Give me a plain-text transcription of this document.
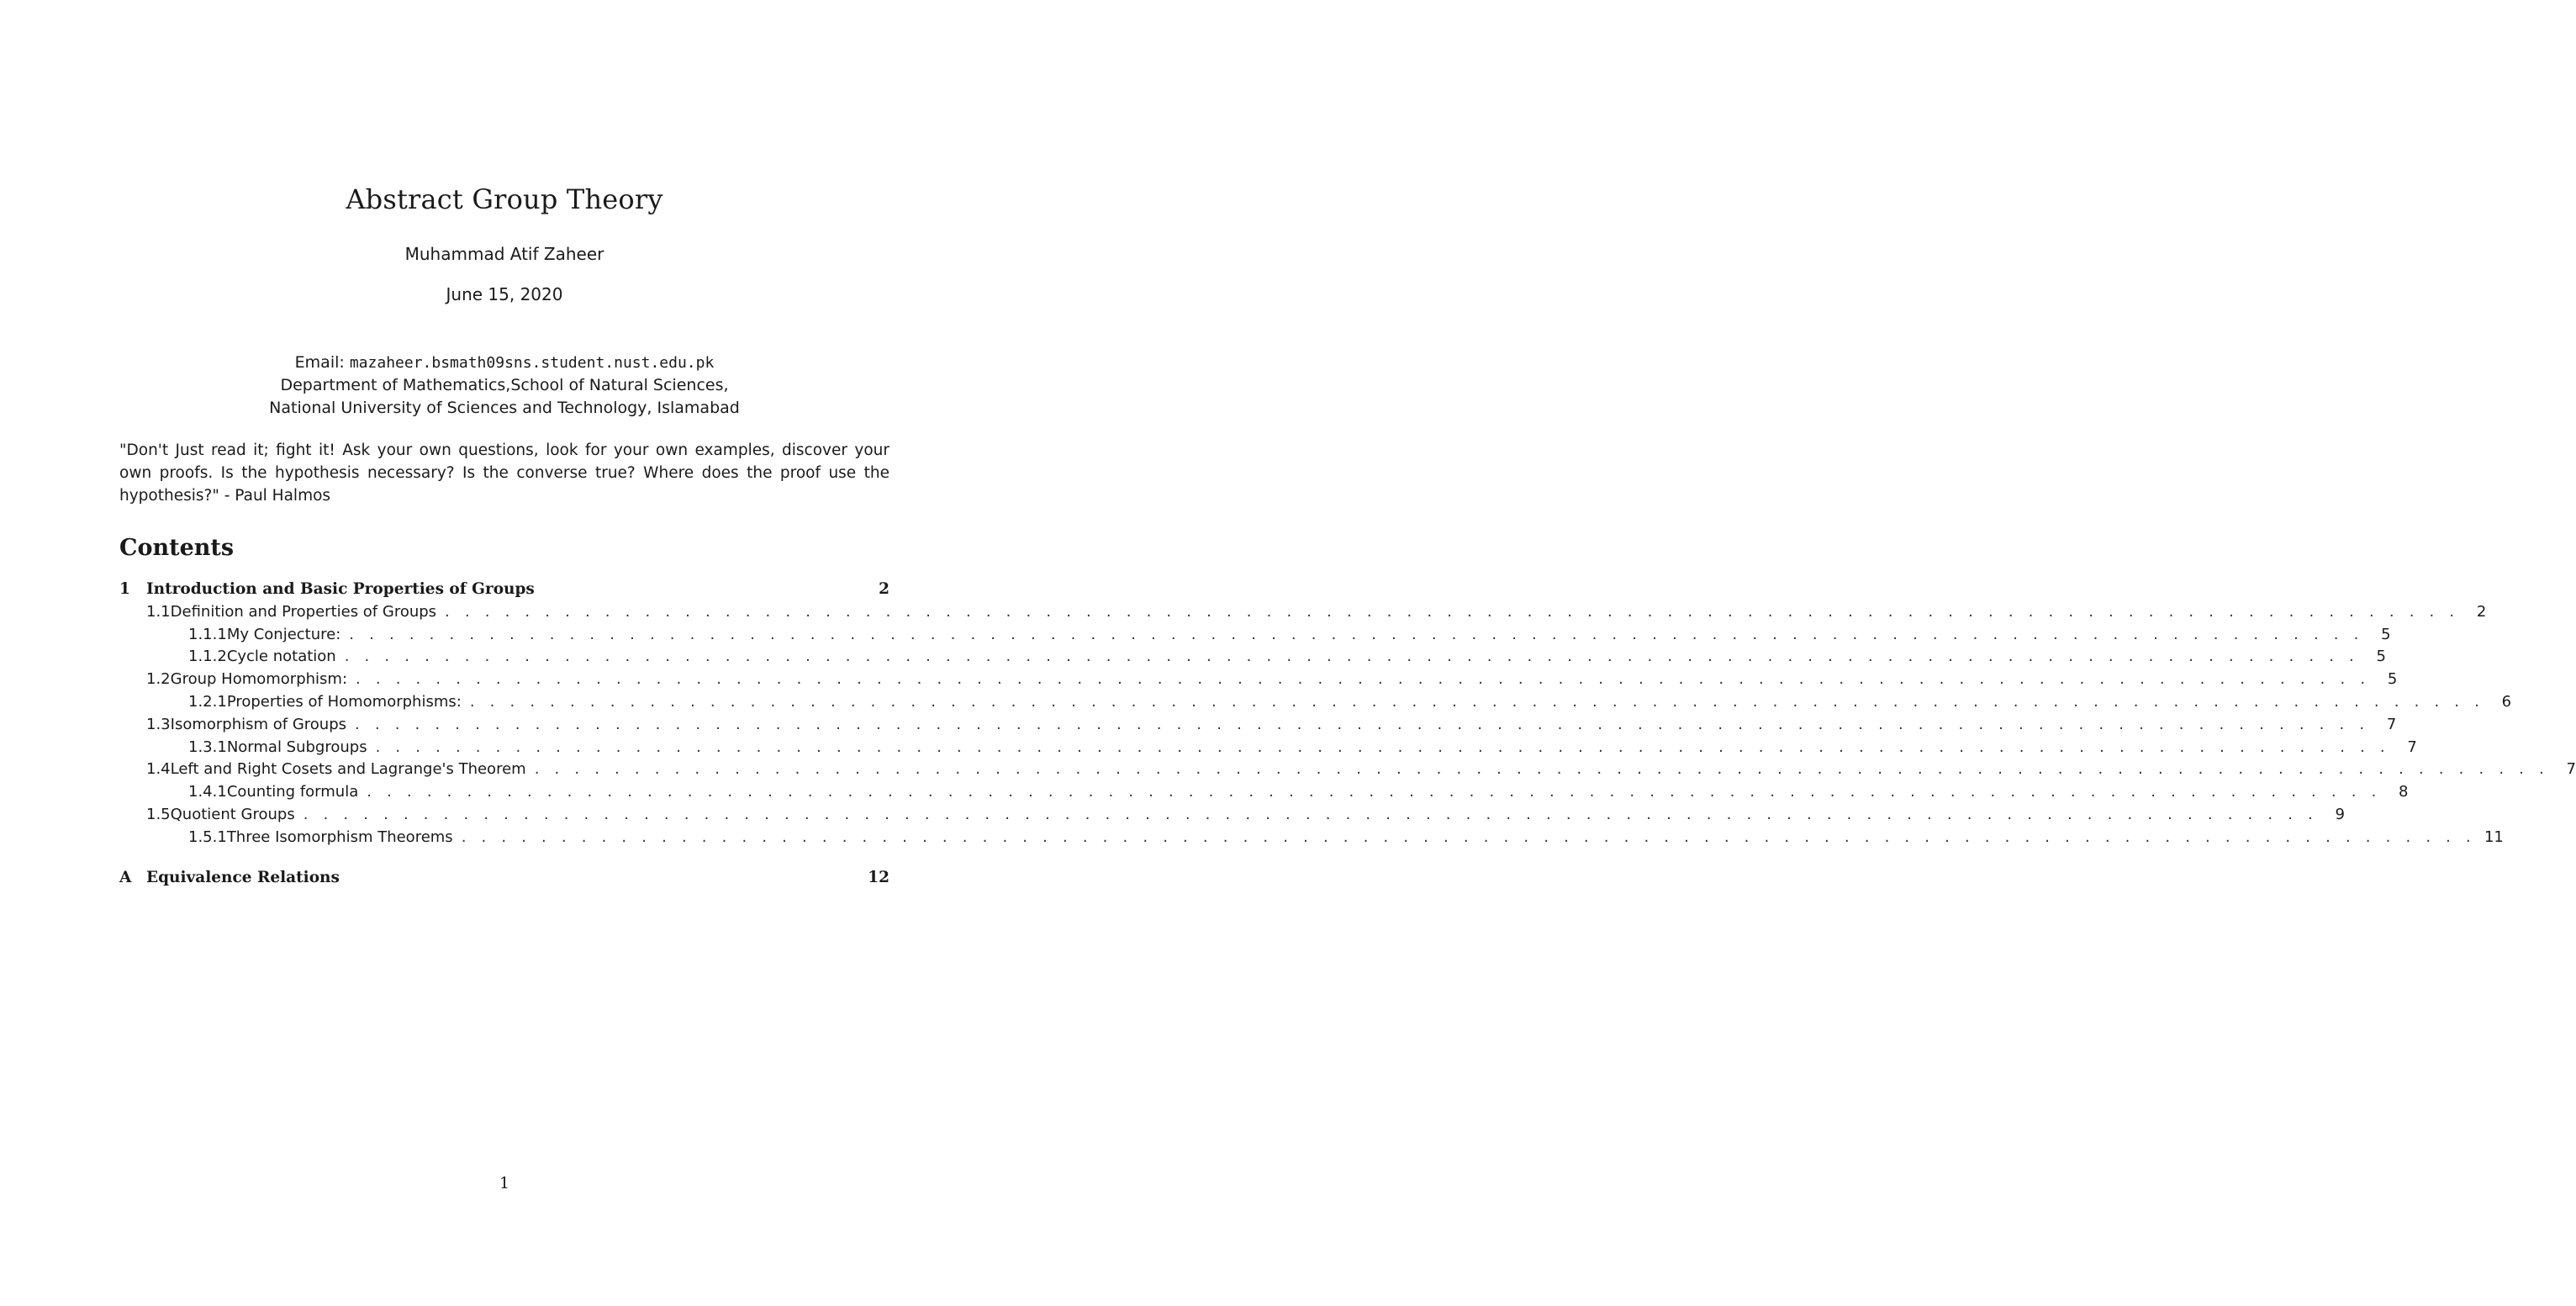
Abstract Group Theory
Muhammad Atif Zaheer
June 15, 2020
Email: mazaheer.bsmath09sns.student.nust.edu.pk
Department of Mathematics,School of Natural Sciences,
National University of Sciences and Technology, Islamabad
"Don't Just read it; fight it! Ask your own questions, look for your own examples, discover your own proofs. Is the hypothesis necessary? Is the converse true? Where does the proof use the hypothesis?" - Paul Halmos
Contents
1	Introduction and Basic Properties of Groups	2
1.1 Definition and Properties of Groups . . . . . . . . . . . . . . . . . . . . . . . . . . . . . . . . . . . . . . . . . . . . . . . . . . . . . . . . . . . . . . . . . . . . . . . . . . . . . . . . . . . . . . . . . . . . . . . . . . . . .	2
1.1.1 My Conjecture: . . . . . . . . . . . . . . . . . . . . . . . . . . . . . . . . . . . . . . . . . . . . . . . . . . . . . . . . . . . . . . . . . . . . . . . . . . . . . . . . . . . . . . . . . . . . . . . . . . . . .	5
1.1.2 Cycle notation . . . . . . . . . . . . . . . . . . . . . . . . . . . . . . . . . . . . . . . . . . . . . . . . . . . . . . . . . . . . . . . . . . . . . . . . . . . . . . . . . . . . . . . . . . . . . . . . . . . . .	5
1.2 Group Homomorphism: . . . . . . . . . . . . . . . . . . . . . . . . . . . . . . . . . . . . . . . . . . . . . . . . . . . . . . . . . . . . . . . . . . . . . . . . . . . . . . . . . . . . . . . . . . . . . . . . . . . . .	5
1.2.1 Properties of Homomorphisms: . . . . . . . . . . . . . . . . . . . . . . . . . . . . . . . . . . . . . . . . . . . . . . . . . . . . . . . . . . . . . . . . . . . . . . . . . . . . . . . . . . . . . . . . . . . . . . . . . . . . .	6
1.3 Isomorphism of Groups . . . . . . . . . . . . . . . . . . . . . . . . . . . . . . . . . . . . . . . . . . . . . . . . . . . . . . . . . . . . . . . . . . . . . . . . . . . . . . . . . . . . . . . . . . . . . . . . . . . . .	7
1.3.1 Normal Subgroups . . . . . . . . . . . . . . . . . . . . . . . . . . . . . . . . . . . . . . . . . . . . . . . . . . . . . . . . . . . . . . . . . . . . . . . . . . . . . . . . . . . . . . . . . . . . . . . . . . . . .	7
1.4 Left and Right Cosets and Lagrange's Theorem . . . . . . . . . . . . . . . . . . . . . . . . . . . . . . . . . . . . . . . . . . . . . . . . . . . . . . . . . . . . . . . . . . . . . . . . . . . . . . . . . . . . . . . . . . . . . . . . . . . . .	7
1.4.1 Counting formula . . . . . . . . . . . . . . . . . . . . . . . . . . . . . . . . . . . . . . . . . . . . . . . . . . . . . . . . . . . . . . . . . . . . . . . . . . . . . . . . . . . . . . . . . . . . . . . . . . . . .	8
1.5 Quotient Groups . . . . . . . . . . . . . . . . . . . . . . . . . . . . . . . . . . . . . . . . . . . . . . . . . . . . . . . . . . . . . . . . . . . . . . . . . . . . . . . . . . . . . . . . . . . . . . . . . . . . .	9
1.5.1 Three Isomorphism Theorems . . . . . . . . . . . . . . . . . . . . . . . . . . . . . . . . . . . . . . . . . . . . . . . . . . . . . . . . . . . . . . . . . . . . . . . . . . . . . . . . . . . . . . . . . . . . . . . . . . . . . 11
A Equivalence Relations	12
1
